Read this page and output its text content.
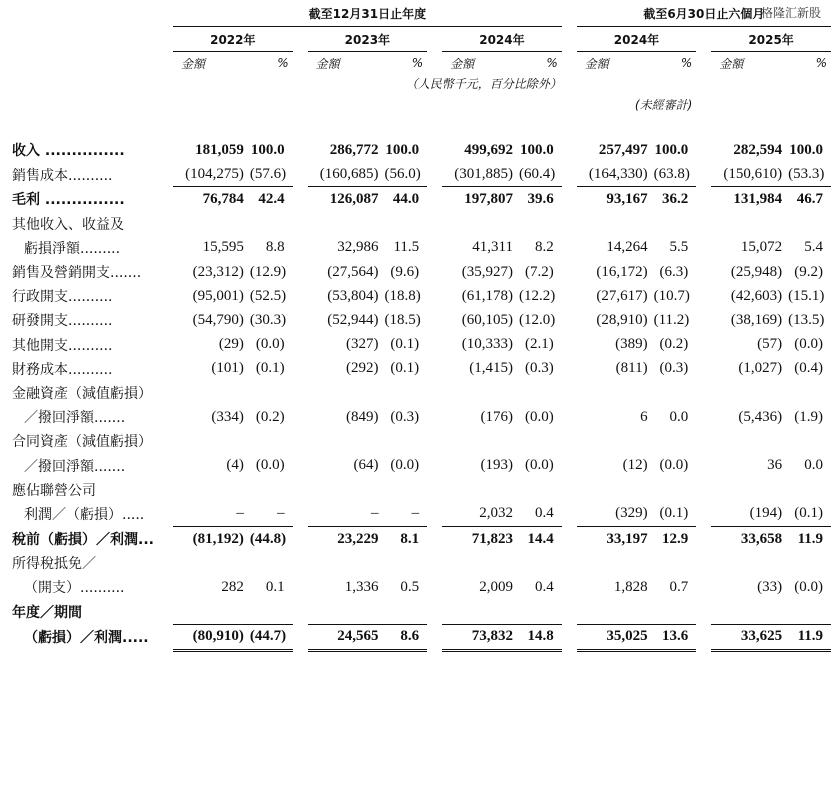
格隆汇新股
	截至12月31日止年度									截至6月30日止六個月				
	2022年			2023年			2024年			2024年			2025年	
	金額	%		金額	%		金額	%		金額	%		金額	%
	（人民幣千元，百分比除外）													
										(未經審計)				

收入 ...............	181,059	100.0		286,772	100.0		499,692	100.0		257,497	100.0		282,594	100.0
銷售成本..........	(104,275)	(57.6)		(160,685)	(56.0)		(301,885)	(60.4)		(164,330)	(63.8)		(150,610)	(53.3)
毛利 ...............	76,784	42.4		126,087	44.0		197,807	39.6		93,167	36.2		131,984	46.7
其他收入、收益及														
虧損淨額.........	15,595	8.8		32,986	11.5		41,311	8.2		14,264	5.5		15,072	5.4
銷售及營銷開支.......	(23,312)	(12.9)		(27,564)	(9.6)		(35,927)	(7.2)		(16,172)	(6.3)		(25,948)	(9.2)
行政開支..........	(95,001)	(52.5)		(53,804)	(18.8)		(61,178)	(12.2)		(27,617)	(10.7)		(42,603)	(15.1)
研發開支..........	(54,790)	(30.3)		(52,944)	(18.5)		(60,105)	(12.0)		(28,910)	(11.2)		(38,169)	(13.5)
其他開支..........	(29)	(0.0)		(327)	(0.1)		(10,333)	(2.1)		(389)	(0.2)		(57)	(0.0)
財務成本..........	(101)	(0.1)		(292)	(0.1)		(1,415)	(0.3)		(811)	(0.3)		(1,027)	(0.4)
金融資產（減值虧損）														
／撥回淨額.......	(334)	(0.2)		(849)	(0.3)		(176)	(0.0)		6	0.0		(5,436)	(1.9)
合同資產（減值虧損）														
／撥回淨額.......	(4)	(0.0)		(64)	(0.0)		(193)	(0.0)		(12)	(0.0)		36	0.0
應佔聯營公司														
利潤／（虧損）.....	–	–		–	–		2,032	0.4		(329)	(0.1)		(194)	(0.1)
稅前（虧損）／利潤...	(81,192)	(44.8)		23,229	8.1		71,823	14.4		33,197	12.9		33,658	11.9
所得稅抵免／														
（開支）..........	282	0.1		1,336	0.5		2,009	0.4		1,828	0.7		(33)	(0.0)
年度／期間														
（虧損）／利潤.....	(80,910)	(44.7)		24,565	8.6		73,832	14.8		35,025	13.6		33,625	11.9
